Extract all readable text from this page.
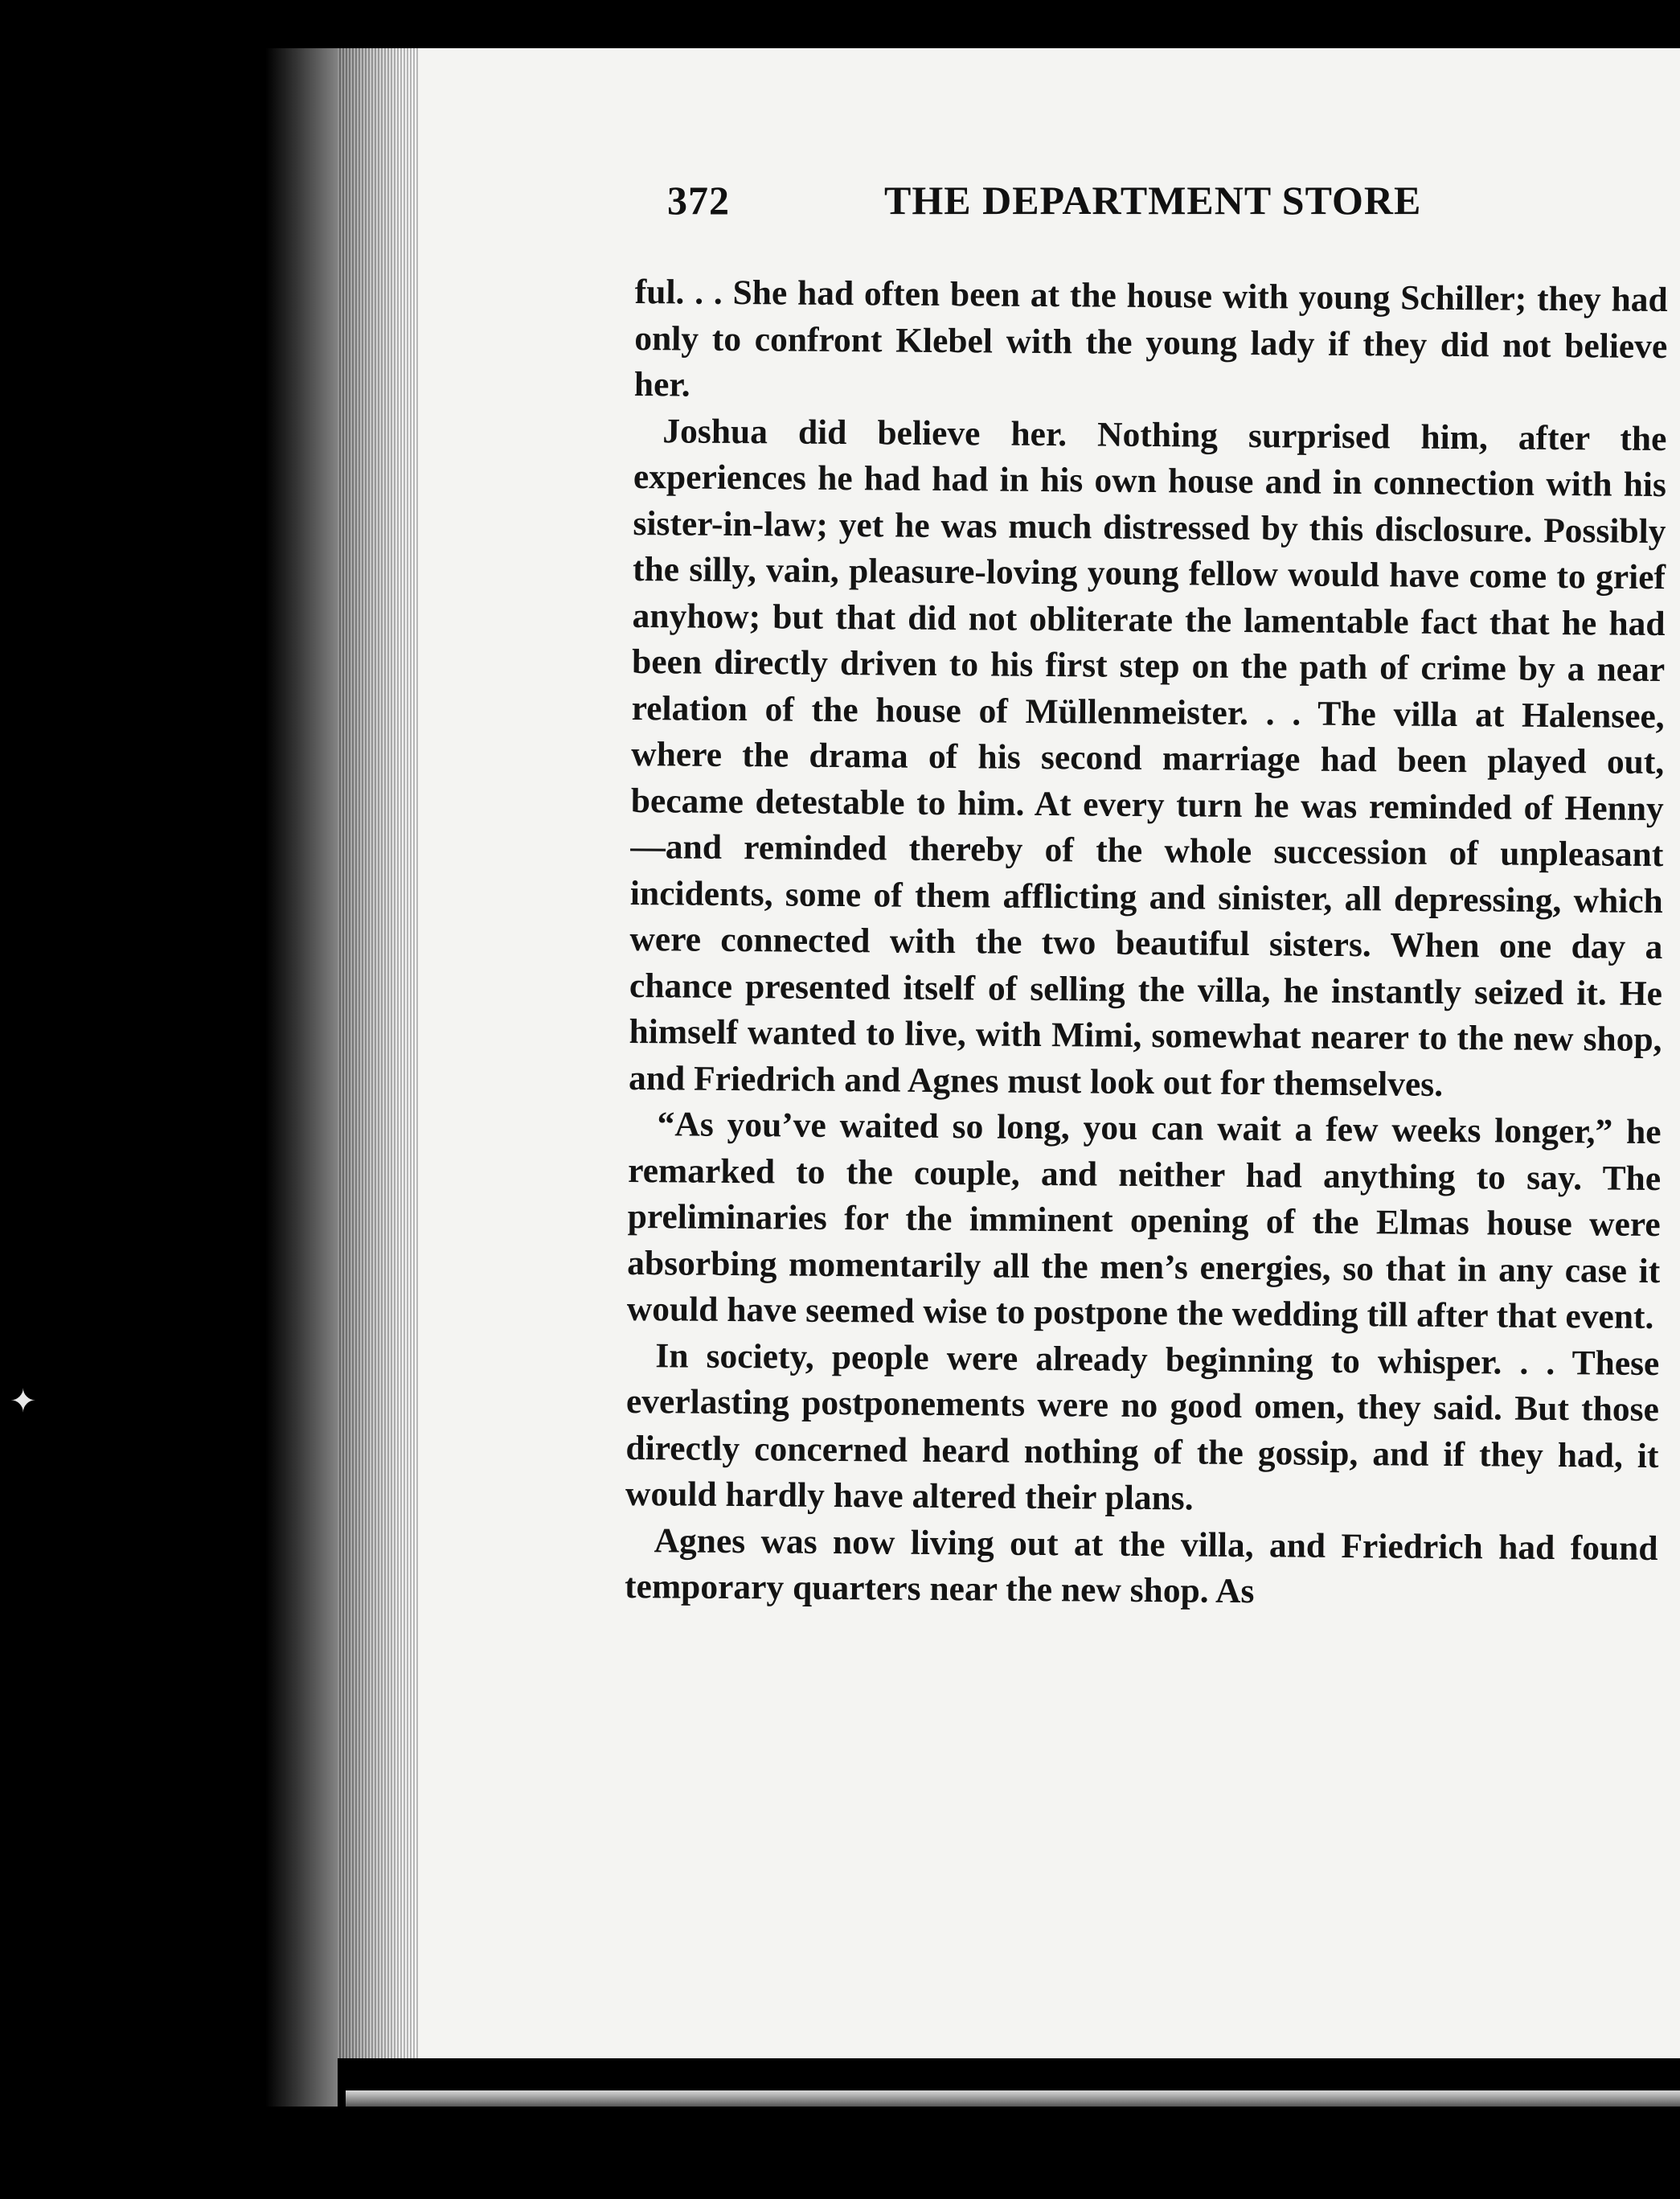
✦
372	THE DEPARTMENT STORE

ful. . . She had often been at the house with young Schiller; they had only to confront Klebel with the young lady if they did not believe her.

Joshua did believe her. Nothing surprised him, after the experiences he had had in his own house and in connection with his sister-in-law; yet he was much distressed by this disclosure. Possibly the silly, vain, pleasure-loving young fellow would have come to grief anyhow; but that did not obliterate the lamentable fact that he had been directly driven to his first step on the path of crime by a near relation of the house of Müllenmeister. . . The villa at Halensee, where the drama of his second marriage had been played out, became detestable to him. At every turn he was reminded of Henny—and reminded thereby of the whole succession of unpleasant incidents, some of them afflicting and sinister, all depressing, which were connected with the two beautiful sisters. When one day a chance presented itself of selling the villa, he instantly seized it. He himself wanted to live, with Mimi, somewhat nearer to the new shop, and Friedrich and Agnes must look out for themselves.

“As you’ve waited so long, you can wait a few weeks longer,” he remarked to the couple, and neither had anything to say. The preliminaries for the imminent opening of the Elmas house were absorbing momentarily all the men’s energies, so that in any case it would have seemed wise to postpone the wedding till after that event.

In society, people were already beginning to whisper. . . These everlasting postponements were no good omen, they said. But those directly concerned heard nothing of the gossip, and if they had, it would hardly have altered their plans.

Agnes was now living out at the villa, and Friedrich had found temporary quarters near the new shop. As
